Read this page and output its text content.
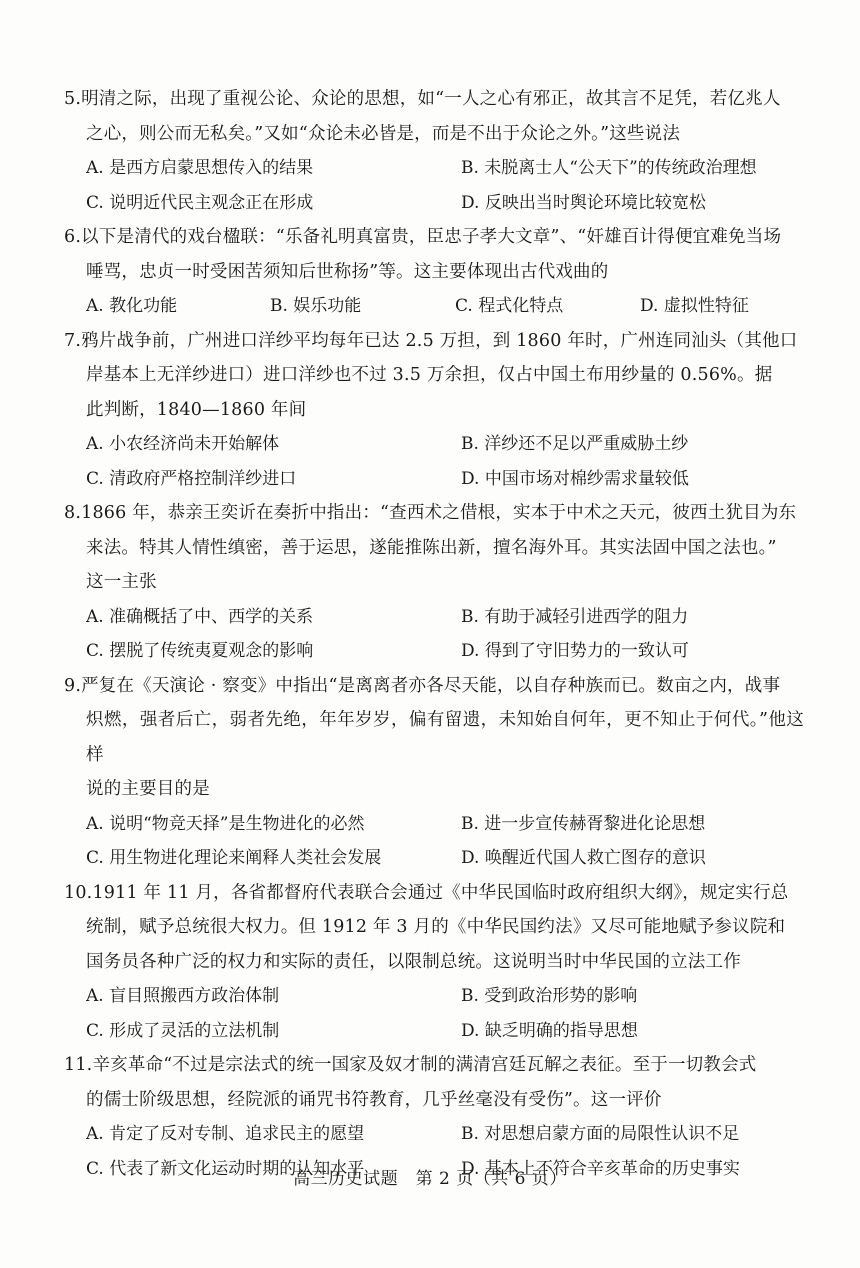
5.明清之际，出现了重视公论、众论的思想，如“一人之心有邪正，故其言不足凭，若亿兆人
之心，则公而无私矣。”又如“众论未必皆是，而是不出于众论之外。”这些说法

A. 是西方启蒙思想传入的结果	B. 未脱离士人“公天下”的传统政治理想
C. 说明近代民主观念正在形成	D. 反映出当时舆论环境比较宽松

6.以下是清代的戏台楹联：“乐备礼明真富贵，臣忠子孝大文章”、“奸雄百计得便宜难免当场
唾骂，忠贞一时受困苦须知后世称扬”等。这主要体现出古代戏曲的

A. 教化功能	B. 娱乐功能	C. 程式化特点	D. 虚拟性特征

7.鸦片战争前，广州进口洋纱平均每年已达 2.5 万担，到 1860 年时，广州连同汕头（其他口
岸基本上无洋纱进口）进口洋纱也不过 3.5 万余担，仅占中国土布用纱量的 0.56%。据
此判断，1840—1860 年间

A. 小农经济尚未开始解体	B. 洋纱还不足以严重威胁土纱
C. 清政府严格控制洋纱进口	D. 中国市场对棉纱需求量较低

8.1866 年，恭亲王奕䜣在奏折中指出：“查西术之借根，实本于中术之天元，彼西土犹目为东
来法。特其人情性缜密，善于运思，遂能推陈出新，擅名海外耳。其实法固中国之法也。”
这一主张

A. 准确概括了中、西学的关系	B. 有助于减轻引进西学的阻力
C. 摆脱了传统夷夏观念的影响	D. 得到了守旧势力的一致认可

9.严复在《天演论 · 察变》中指出“是离离者亦各尽天能，以自存种族而已。数亩之内，战事
炽燃，强者后亡，弱者先绝，年年岁岁，偏有留遗，未知始自何年，更不知止于何代。”他这样
说的主要目的是

A. 说明“物竞天择”是生物进化的必然	B. 进一步宣传赫胥黎进化论思想
C. 用生物进化理论来阐释人类社会发展	D. 唤醒近代国人救亡图存的意识

10.1911 年 11 月，各省都督府代表联合会通过《中华民国临时政府组织大纲》，规定实行总
统制，赋予总统很大权力。但 1912 年 3 月的《中华民国约法》又尽可能地赋予参议院和
国务员各种广泛的权力和实际的责任，以限制总统。这说明当时中华民国的立法工作

A. 盲目照搬西方政治体制	B. 受到政治形势的影响
C. 形成了灵活的立法机制	D. 缺乏明确的指导思想

11.辛亥革命“不过是宗法式的统一国家及奴才制的满清宫廷瓦解之表征。至于一切教会式
的儒士阶级思想，经院派的诵咒书符教育，几乎丝毫没有受伤”。这一评价

A. 肯定了反对专制、追求民主的愿望	B. 对思想启蒙方面的局限性认识不足
C. 代表了新文化运动时期的认知水平	D. 基本上不符合辛亥革命的历史事实
高三历史试题　第 2 页（共 6 页）
